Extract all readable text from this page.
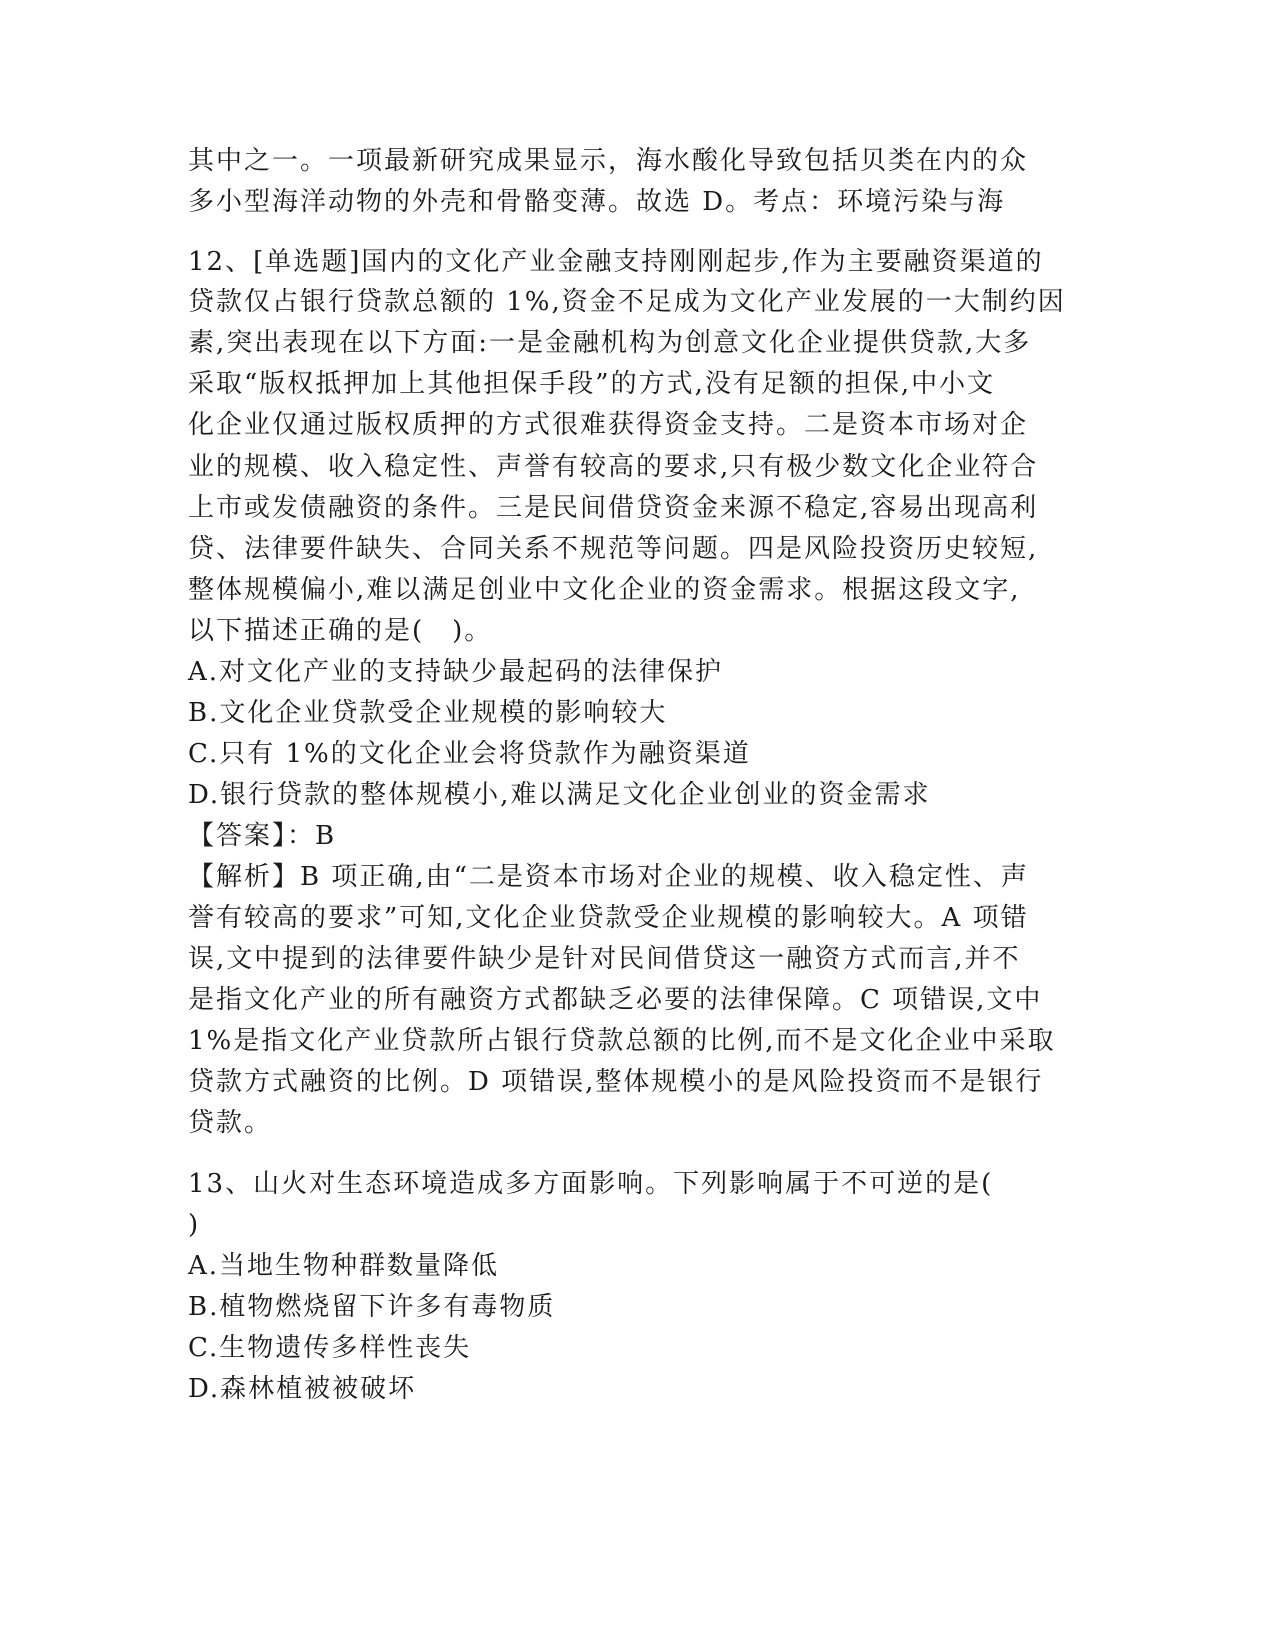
其中之一。一项最新研究成果显示，海水酸化导致包括贝类在内的众
多小型海洋动物的外壳和骨骼变薄。故选 D。考点：环境污染与海
12、[单选题]国内的文化产业金融支持刚刚起步,作为主要融资渠道的
贷款仅占银行贷款总额的 1%,资金不足成为文化产业发展的一大制约因
素,突出表现在以下方面:一是金融机构为创意文化企业提供贷款,大多
采取“版权抵押加上其他担保手段”的方式,没有足额的担保,中小文
化企业仅通过版权质押的方式很难获得资金支持。二是资本市场对企
业的规模、收入稳定性、声誉有较高的要求,只有极少数文化企业符合
上市或发债融资的条件。三是民间借贷资金来源不稳定,容易出现高利
贷、法律要件缺失、合同关系不规范等问题。四是风险投资历史较短,
整体规模偏小,难以满足创业中文化企业的资金需求。根据这段文字,
以下描述正确的是(　)。
A.对文化产业的支持缺少最起码的法律保护
B.文化企业贷款受企业规模的影响较大
C.只有 1%的文化企业会将贷款作为融资渠道
D.银行贷款的整体规模小,难以满足文化企业创业的资金需求
【答案】：B
【解析】B 项正确,由“二是资本市场对企业的规模、收入稳定性、声
誉有较高的要求”可知,文化企业贷款受企业规模的影响较大。A 项错
误,文中提到的法律要件缺少是针对民间借贷这一融资方式而言,并不
是指文化产业的所有融资方式都缺乏必要的法律保障。C 项错误,文中
1%是指文化产业贷款所占银行贷款总额的比例,而不是文化企业中采取
贷款方式融资的比例。D 项错误,整体规模小的是风险投资而不是银行
贷款。
13、山火对生态环境造成多方面影响。下列影响属于不可逆的是(
)
A.当地生物种群数量降低
B.植物燃烧留下许多有毒物质
C.生物遗传多样性丧失
D.森林植被被破坏
